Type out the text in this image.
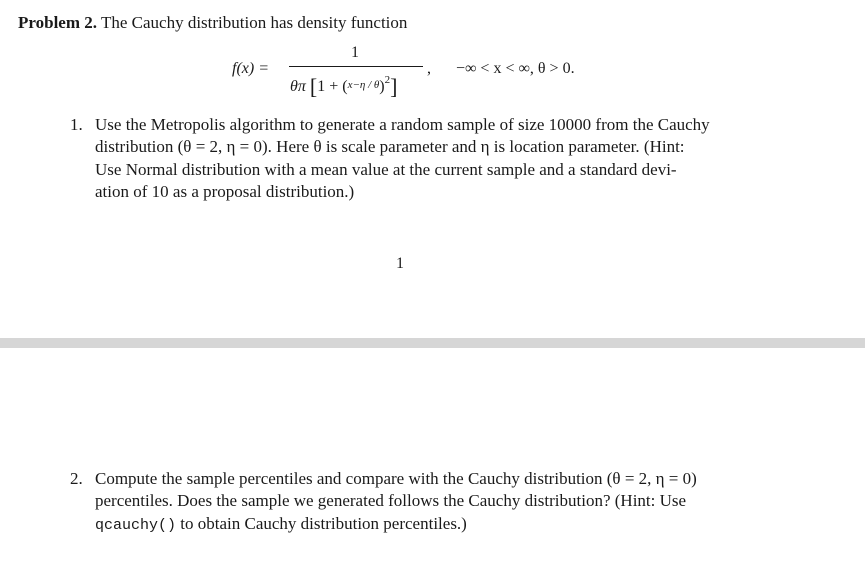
Problem 2. The Cauchy distribution has density function
f(x) =
1
θπ $[1 + (x-\eta / \theta)^2]$
, −∞ < x < ∞, θ > 0.
1. Use the Metropolis algorithm to generate a random sample of size 10000 from the Cauchy
distribution (θ = 2, η = 0). Here θ is scale parameter and η is location parameter. (Hint:
Use Normal distribution with a mean value at the current sample and a standard devi-
ation of 10 as a proposal distribution.)
1
2. Compute the sample percentiles and compare with the Cauchy distribution (θ = 2, η = 0)
percentiles. Does the sample we generated follows the Cauchy distribution? (Hint: Use
qcauchy() to obtain Cauchy distribution percentiles.)
